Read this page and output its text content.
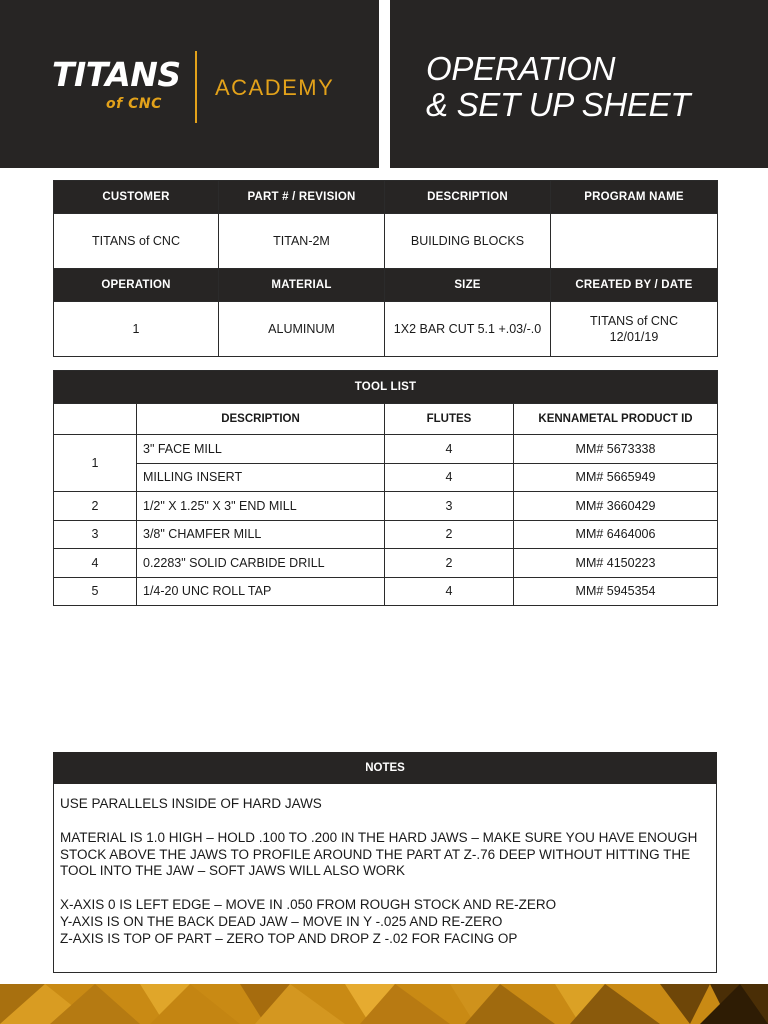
TITANS
of CNC
ACADEMY
OPERATION
& SET UP SHEET
CUSTOMER	PART # / REVISION	DESCRIPTION	PROGRAM NAME
TITANS of CNC	TITAN-2M	BUILDING BLOCKS	
OPERATION	MATERIAL	SIZE	CREATED BY / DATE
1	ALUMINUM	1X2 BAR CUT 5.1 +.03/-.0	TITANS of CNC
12/01/19
TOOL LIST			
	DESCRIPTION	FLUTES	KENNAMETAL PRODUCT ID
1	3" FACE MILL	4	MM# 5673338
	MILLING INSERT	4	MM# 5665949
2	1/2" X 1.25" X 3" END MILL	3	MM# 3660429
3	3/8" CHAMFER MILL	2	MM# 6464006
4	0.2283" SOLID CARBIDE DRILL	2	MM# 4150223
5	1/4-20 UNC ROLL TAP	4	MM# 5945354
NOTES

USE PARALLELS INSIDE OF HARD JAWS

MATERIAL IS 1.0 HIGH – HOLD .100 TO .200 IN THE HARD JAWS – MAKE SURE YOU HAVE ENOUGH STOCK ABOVE THE JAWS TO PROFILE AROUND THE PART AT Z-.76 DEEP WITHOUT HITTING THE TOOL INTO THE JAW – SOFT JAWS WILL ALSO WORK

X-AXIS 0 IS LEFT EDGE – MOVE IN .050 FROM ROUGH STOCK AND RE-ZERO

Y-AXIS IS ON THE BACK DEAD JAW – MOVE IN Y -.025 AND RE-ZERO

Z-AXIS IS TOP OF PART – ZERO TOP AND DROP Z -.02 FOR FACING OP
